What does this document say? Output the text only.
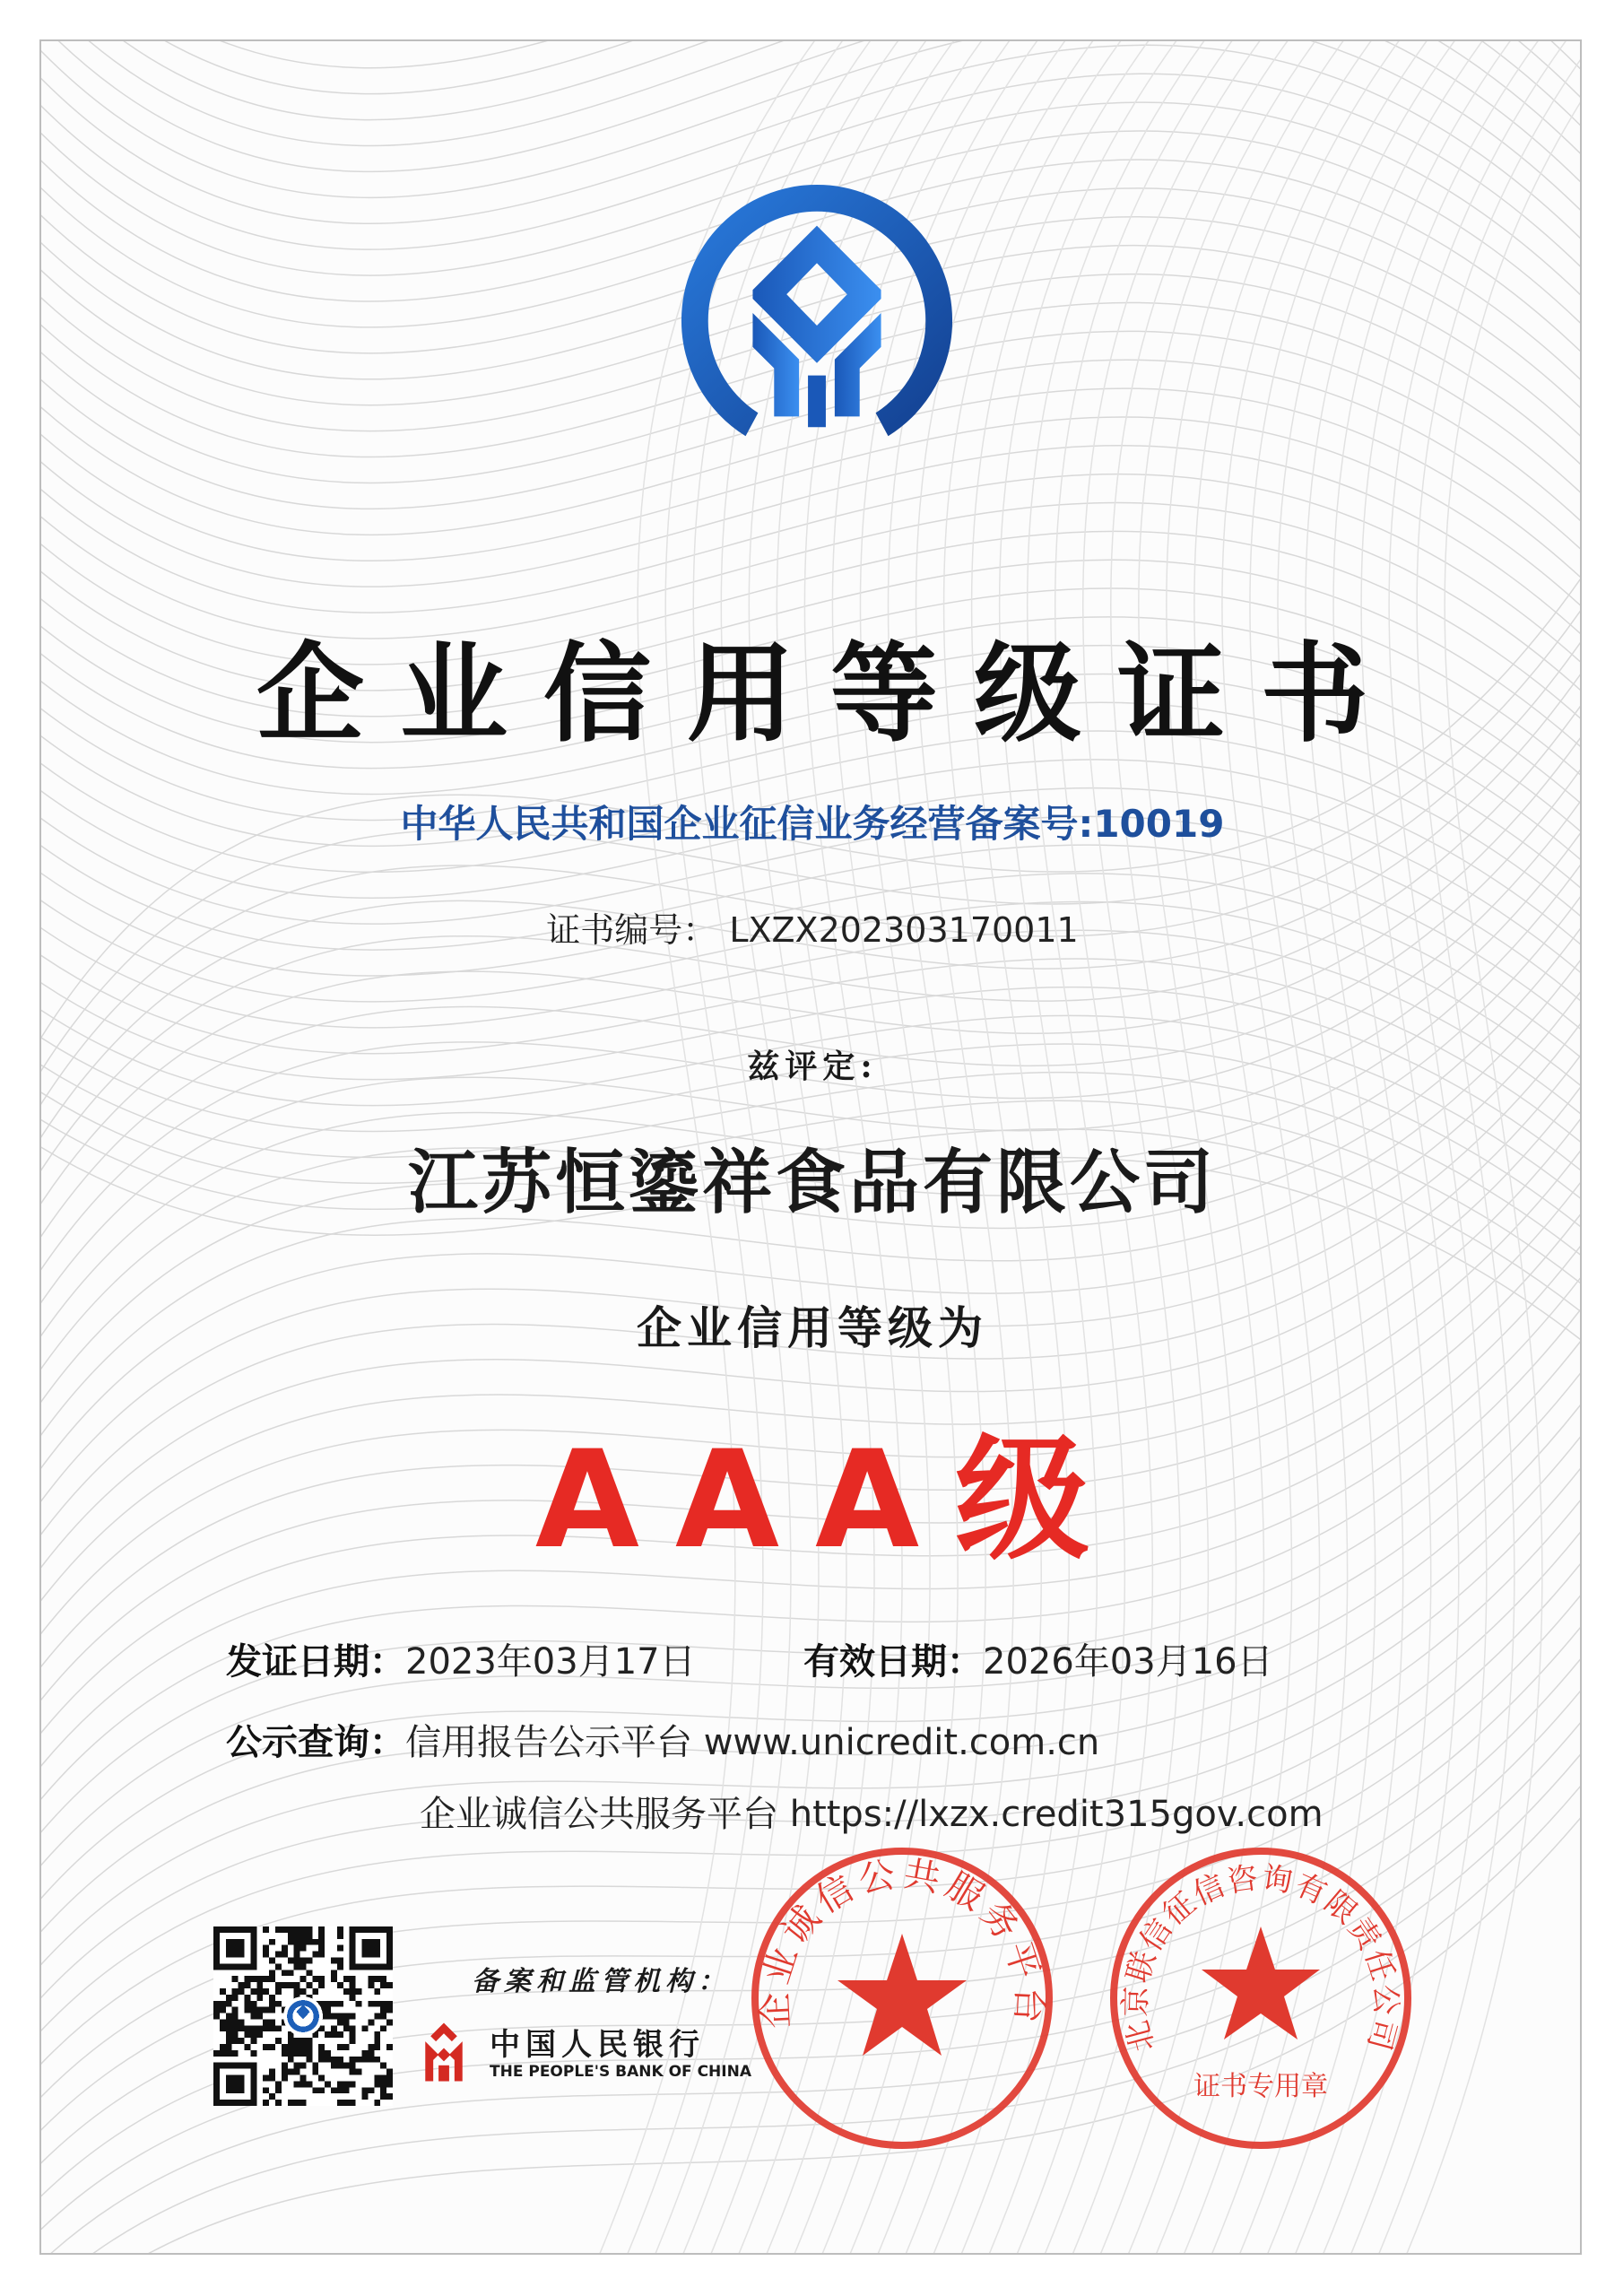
企业信用等级证书
中华人民共和国企业征信业务经营备案号:10019
证书编号： LXZX202303170011
兹评定:
江苏恒鎏祥食品有限公司
企业信用等级为
AAA级
发证日期：2023年03月17日	有效日期：2026年03月16日
公示查询：信用报告公示平台 www.unicredit.com.cn
企业诚信公共服务平台 https://lxzx.credit315gov.com
备案和监管机构：
中国人民银行
THE PEOPLE'S BANK OF CHINA
企业诚信公共服务平台
北京联信征信咨询有限责任公司
证书专用章
